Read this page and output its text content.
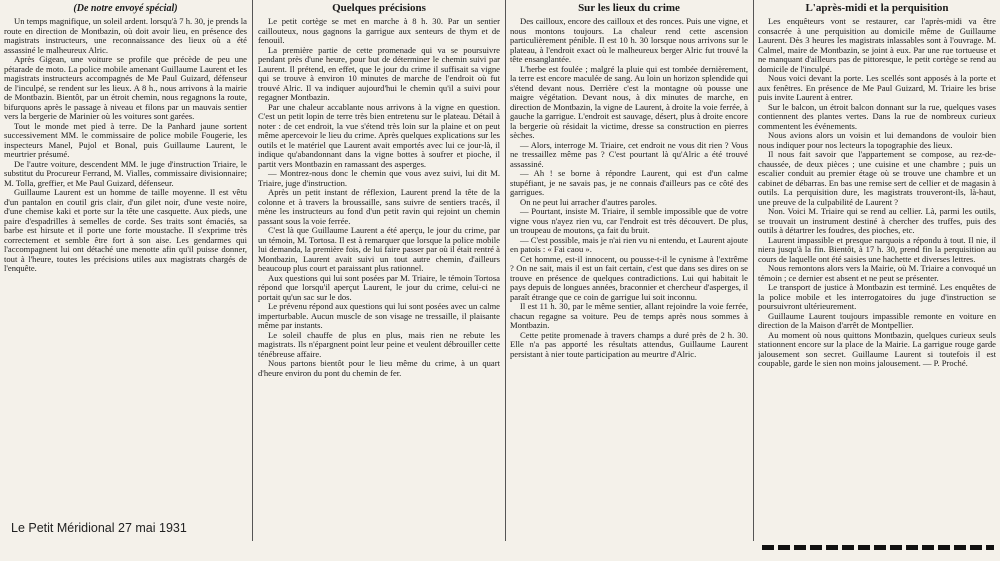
(De notre envoyé spécial)

Un temps magnifique, un soleil ardent. lorsqu'à 7 h. 30, je prends la route en direction de Montbazin, où doit avoir lieu, en présence des magistrats instructeurs, une reconnaissance des lieux où a été assassiné le malheureux Alric.

Après Gigean, une voiture se profile que précède de peu une pétarade de moto. La police mobile amenant Guillaume Laurent et les magistrats instructeurs accompagnés de Me Paul Guizard, défenseur de l'inculpé, se rendent sur les lieux. A 8 h., nous arrivons à la mairie de Montbazin. Bientôt, par un étroit chemin, nous regagnons la route, bifurquons après le passage à niveau et filons par un mauvais sentier vers la bergerie de Marinier où les voitures sont garées.

Tout le monde met pied à terre. De la Panhard jaune sortent successivement MM. le commissaire de police mobile Fougerie, les inspecteurs Manel, Pujol et Bonal, puis Guillaume Laurent, le meurtrier présumé.

De l'autre voiture, descendent MM. le juge d'instruction Triaire, le substitut du Procureur Ferrand, M. Vialles, commissaire divisionnaire; M. Tolla, greffier, et Me Paul Guizard, défenseur.

Guillaume Laurent est un homme de taille moyenne. Il est vêtu d'un pantalon en coutil gris clair, d'un gilet noir, d'une veste noire, d'une chemise kaki et porte sur la tête une casquette. Aux pieds, une paire d'espadrilles à semelles de corde. Ses traits sont émaciés, sa barbe est hirsute et il porte une forte moustache. Il s'exprime très correctement et semble être fort à son aise. Les gendarmes qui l'accompagnent lui ont détaché une menotte afin qu'il puisse donner, tout à l'heure, toutes les précisions utiles aux magistrats chargés de l'enquête.

Quelques précisions

Le petit cortège se met en marche à 8 h. 30. Par un sentier caillouteux, nous gagnons la garrigue aux senteurs de thym et de fenouil.

La première partie de cette promenade qui va se poursuivre pendant près d'une heure, pour but de déterminer le chemin suivi par Laurent. Il prétend, en effet, que le jour du crime il suffisait sa vigne qui se trouve à environ 10 minutes de marche de l'endroit où fut trouvé Alric. Il va indiquer aujourd'hui le chemin qu'il a suivi pour regagner Montbazin.

Par une chaleur accablante nous arrivons à la vigne en question. C'est un petit lopin de terre très bien entretenu sur le plateau. Détail à noter : de cet endroit, la vue s'étend très loin sur la plaine et on peut même apercevoir le lieu du crime. Après quelques explications sur les outils et le matériel que Laurent avait emportés avec lui ce jour-là, il indique qu'abandonnant dans la vigne bottes à soufrer et pioche, il partit vers Montbazin en ramassant des asperges.

— Montrez-nous donc le chemin que vous avez suivi, lui dit M. Triaire, juge d'instruction.

Après un petit instant de réflexion, Laurent prend la tête de la colonne et à travers la broussaille, sans suivre de sentiers tracés, il mène les instructeurs au fond d'un petit ravin qui rejoint un chemin passant sous la voie ferrée.

C'est là que Guillaume Laurent a été aperçu, le jour du crime, par un témoin, M. Tortosa. Il est à remarquer que lorsque la police mobile lui demanda, la première fois, de lui faire passer par où il était rentré à Montbazin, Laurent avait suivi un tout autre chemin, d'ailleurs beaucoup plus court et paraissant plus rationnel.

Aux questions qui lui sont posées par M. Triaire, le témoin Tortosa répond que lorsqu'il aperçut Laurent, le jour du crime, celui-ci ne portait qu'un sac sur le dos.

Le prévenu répond aux questions qui lui sont posées avec un calme imperturbable. Aucun muscle de son visage ne tressaille, il plaisante même par instants.

Le soleil chauffe de plus en plus, mais rien ne rebute les magistrats. Ils n'épargnent point leur peine et veulent débrouiller cette ténébreuse affaire.

Nous partons bientôt pour le lieu même du crime, à un quart d'heure environ du pont du chemin de fer.

Sur les lieux du crime

Des cailloux, encore des cailloux et des ronces. Puis une vigne, et nous montons toujours. La chaleur rend cette ascension particulièrement pénible. Il est 10 h. 30 lorsque nous arrivons sur le plateau, à l'endroit exact où le malheureux berger Alric fut trouvé la tête ensanglantée.

L'herbe est foulée ; malgré la pluie qui est tombée dernièrement, la terre est encore maculée de sang. Au loin un horizon splendide qui s'étend devant nous. Derrière c'est la montagne où pousse une maigre végétation. Devant nous, à dix minutes de marche, en direction de Montbazin, la vigne de Laurent, à droite la voie ferrée, à gauche la garrigue. L'endroit est sauvage, désert, plus à droite encore la bergerie où résidait la victime, dresse sa construction en pierres sèches.

— Alors, interroge M. Triaire, cet endroit ne vous dit rien ? Vous ne tressaillez même pas ? C'est pourtant là qu'Alric a été trouvé assassiné.

— Ah ! se borne à répondre Laurent, qui est d'un calme stupéfiant, je ne savais pas, je ne connais d'ailleurs pas ce côté des garrigues.

On ne peut lui arracher d'autres paroles.

— Pourtant, insiste M. Triaire, il semble impossible que de votre vigne vous n'ayez rien vu, car l'endroit est très découvert. De plus, un troupeau de moutons, ça fait du bruit.

— C'est possible, mais je n'ai rien vu ni entendu, et Laurent ajoute en patois : « Fai caou ».

Cet homme, est-il innocent, ou pousse-t-il le cynisme à l'extrême ? On ne sait, mais il est un fait certain, c'est que dans ses dires on se trouve en présence de quelques contradictions. Lui qui habitait le pays depuis de longues années, braconnier et chercheur d'asperges, il paraît étrange que ce coin de garrigue lui soit inconnu.

Il est 11 h. 30, par le même sentier, allant rejoindre la voie ferrée, chacun regagne sa voiture. Peu de temps après nous sommes à Montbazin.

Cette petite promenade à travers champs a duré près de 2 h. 30. Elle n'a pas apporté les résultats attendus, Guillaume Laurent persistant à nier toute participation au meurtre d'Alric.

L'après-midi et la perquisition

Les enquêteurs vont se restaurer, car l'après-midi va être consacrée à une perquisition au domicile même de Guillaume Laurent. Dès 3 heures les magistrats inlassables sont à l'ouvrage. M. Calmel, maire de Montbazin, se joint à eux. Par une rue tortueuse et ne manquant d'ailleurs pas de pittoresque, le petit cortège se rend au domicile de l'inculpé.

Nous voici devant la porte. Les scellés sont apposés à la porte et aux fenêtres. En présence de Me Paul Guizard, M. Triaire les brise puis invite Laurent à entrer.

Sur le balcon, un étroit balcon donnant sur la rue, quelques vases contiennent des plantes vertes. Dans la rue de nombreux curieux commentent les événements.

Nous avions alors un voisin et lui demandons de vouloir bien nous indiquer pour nos lecteurs la topographie des lieux.

Il nous fait savoir que l'appartement se compose, au rez-de-chaussée, de deux pièces ; une cuisine et une chambre ; puis un escalier conduit au premier étage où se trouve une chambre et un cabinet de débarras. En bas une remise sert de cellier et de magasin à outils. La perquisition dure, les magistrats trouveront-ils, là-haut, une preuve de la culpabilité de Laurent ?

Non. Voici M. Triaire qui se rend au cellier. Là, parmi les outils, se trouvait un instrument destiné à chercher des truffes, puis des outils à détartrer les foudres, des pioches, etc.

Laurent impassible et presque narquois a répondu à tout. Il nie, il niera jusqu'à la fin. Bientôt, à 17 h. 30, prend fin la perquisition au cours de laquelle ont été saisies une hachette et diverses lettres.

Nous remontons alors vers la Mairie, où M. Triaire a convoqué un témoin ; ce dernier est absent et ne peut se présenter.

Le transport de justice à Montbazin est terminé. Les enquêtes de la police mobile et les interrogatoires du juge d'instruction se poursuivront ultérieurement.

Guillaume Laurent toujours impassible remonte en voiture en direction de la Maison d'arrêt de Montpellier.

Au moment où nous quittons Montbazin, quelques curieux seuls stationnent encore sur la place de la Mairie. La garrigue rouge garde jalousement son secret. Guillaume Laurent si toutefois il est coupable, garde le sien non moins jalousement. — P. Proché.

Le Petit Méridional 27 mai 1931
